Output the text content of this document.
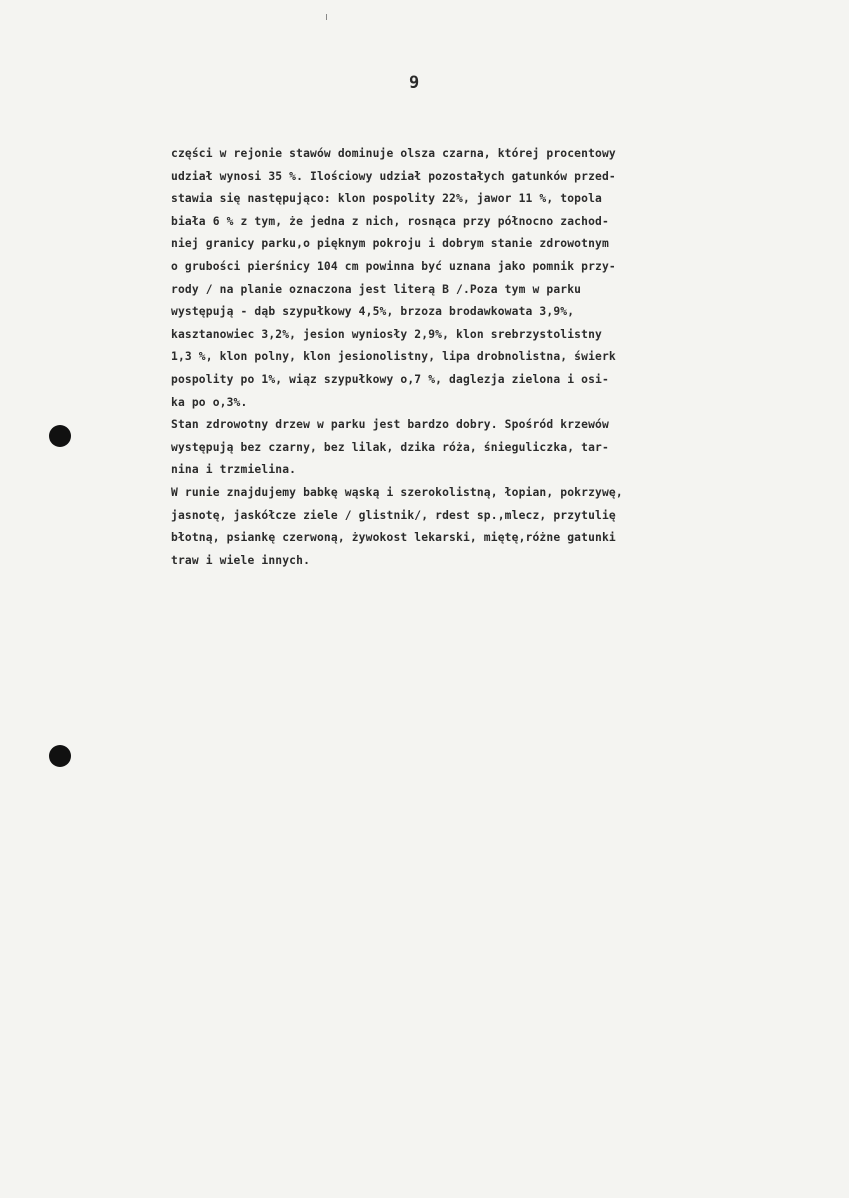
9
części w rejonie stawów dominuje olsza czarna, której procentowy
udział wynosi 35 %. Ilościowy udział pozostałych gatunków przed-
stawia się następująco: klon pospolity 22%, jawor 11 %, topola
biała 6 % z tym, że jedna z nich, rosnąca przy północno zachod-
niej granicy parku,o pięknym pokroju i dobrym stanie zdrowotnym
o grubości pierśnicy 104 cm powinna być uznana jako pomnik przy-
rody / na planie oznaczona jest literą B /.Poza tym w parku
występują - dąb szypułkowy 4,5%, brzoza brodawkowata 3,9%,
kasztanowiec 3,2%, jesion wyniosły 2,9%, klon srebrzystolistny
1,3 %, klon polny, klon jesionolistny, lipa drobnolistna, świerk
pospolity po 1%, wiąz szypułkowy o,7 %, daglezja zielona i osi-
ka po o,3%.
Stan zdrowotny drzew w parku jest bardzo dobry. Spośród krzewów
występują bez czarny, bez lilak, dzika róża, śnieguliczka, tar-
nina i trzmielina.
W runie znajdujemy babkę wąską i szerokolistną, łopian, pokrzywę,
jasnotę, jaskółcze ziele / glistnik/, rdest sp.,mlecz, przytulię
błotną, psiankę czerwoną, żywokost lekarski, miętę,różne gatunki
traw i wiele innych.
